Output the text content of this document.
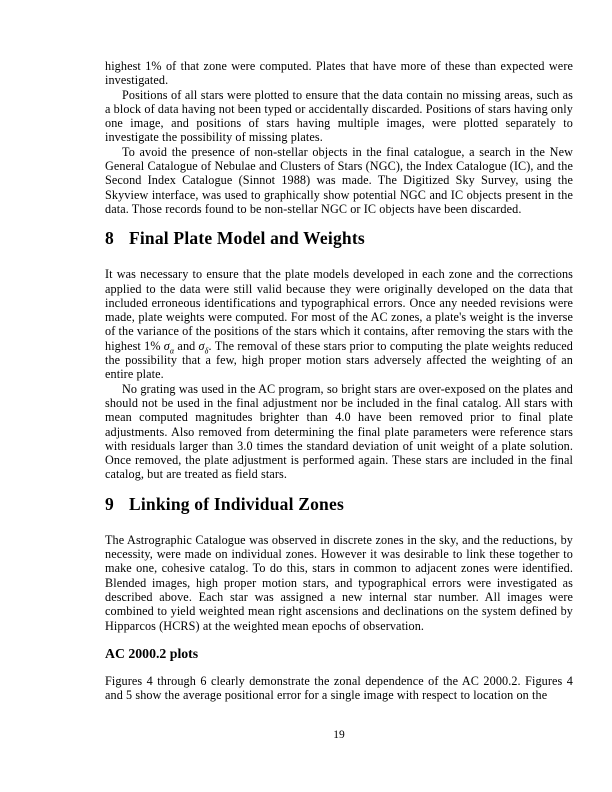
highest 1% of that zone were computed. Plates that have more of these than expected were investigated.

Positions of all stars were plotted to ensure that the data contain no missing areas, such as a block of data having not been typed or accidentally discarded. Positions of stars having only one image, and positions of stars having multiple images, were plotted separately to investigate the possibility of missing plates.

To avoid the presence of non-stellar objects in the final catalogue, a search in the New General Catalogue of Nebulae and Clusters of Stars (NGC), the Index Catalogue (IC), and the Second Index Catalogue (Sinnot 1988) was made. The Digitized Sky Survey, using the Skyview interface, was used to graphically show potential NGC and IC objects present in the data. Those records found to be non-stellar NGC or IC objects have been discarded.

8 Final Plate Model and Weights

It was necessary to ensure that the plate models developed in each zone and the corrections applied to the data were still valid because they were originally developed on the data that included erroneous identifications and typographical errors. Once any needed revisions were made, plate weights were computed. For most of the AC zones, a plate's weight is the inverse of the variance of the positions of the stars which it contains, after removing the stars with the highest 1% $\sigma_\alpha$ and $\sigma_\delta$. The removal of these stars prior to computing the plate weights reduced the possibility that a few, high proper motion stars adversely affected the weighting of an entire plate.

No grating was used in the AC program, so bright stars are over-exposed on the plates and should not be used in the final adjustment nor be included in the final catalog. All stars with mean computed magnitudes brighter than 4.0 have been removed prior to final plate adjustments. Also removed from determining the final plate parameters were reference stars with residuals larger than 3.0 times the standard deviation of unit weight of a plate solution. Once removed, the plate adjustment is performed again. These stars are included in the final catalog, but are treated as field stars.

9 Linking of Individual Zones

The Astrographic Catalogue was observed in discrete zones in the sky, and the reductions, by necessity, were made on individual zones. However it was desirable to link these together to make one, cohesive catalog. To do this, stars in common to adjacent zones were identified. Blended images, high proper motion stars, and typographical errors were investigated as described above. Each star was assigned a new internal star number. All images were combined to yield weighted mean right ascensions and declinations on the system defined by Hipparcos (HCRS) at the weighted mean epochs of observation.

AC 2000.2 plots

Figures 4 through 6 clearly demonstrate the zonal dependence of the AC 2000.2. Figures 4 and 5 show the average positional error for a single image with respect to location on the

19
